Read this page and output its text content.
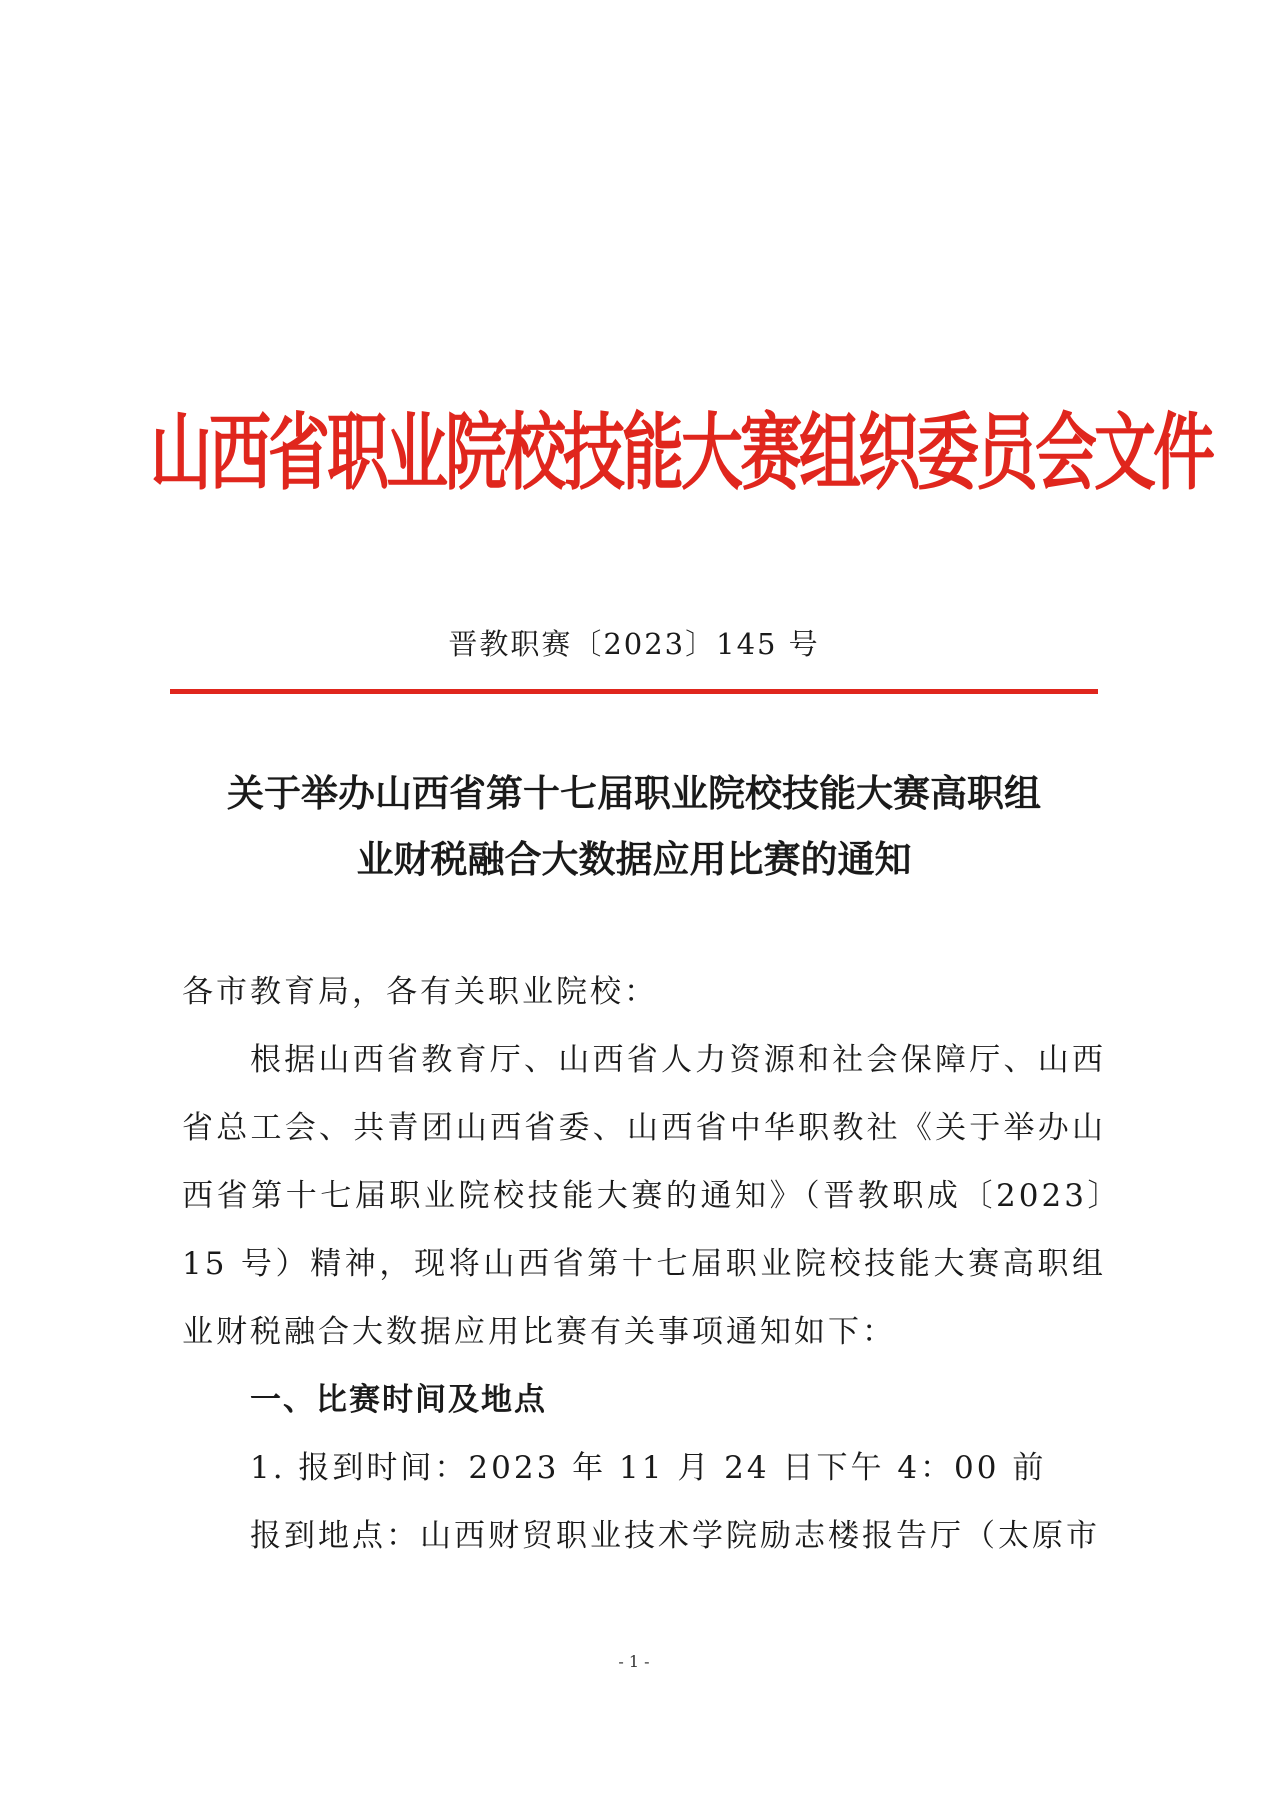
山西省职业院校技能大赛组织委员会文件
晋教职赛〔2023〕145 号
关于举办山西省第十七届职业院校技能大赛高职组
业财税融合大数据应用比赛的通知

各市教育局，各有关职业院校：

根据山西省教育厅、山西省人力资源和社会保障厅、山西省总工会、共青团山西省委、山西省中华职教社《关于举办山西省第十七届职业院校技能大赛的通知》（晋教职成〔2023〕15 号）精神，现将山西省第十七届职业院校技能大赛高职组业财税融合大数据应用比赛有关事项通知如下：

一、比赛时间及地点

1. 报到时间：2023 年 11 月 24 日下午 4：00 前

报到地点：山西财贸职业技术学院励志楼报告厅（太原市

- 1 -
